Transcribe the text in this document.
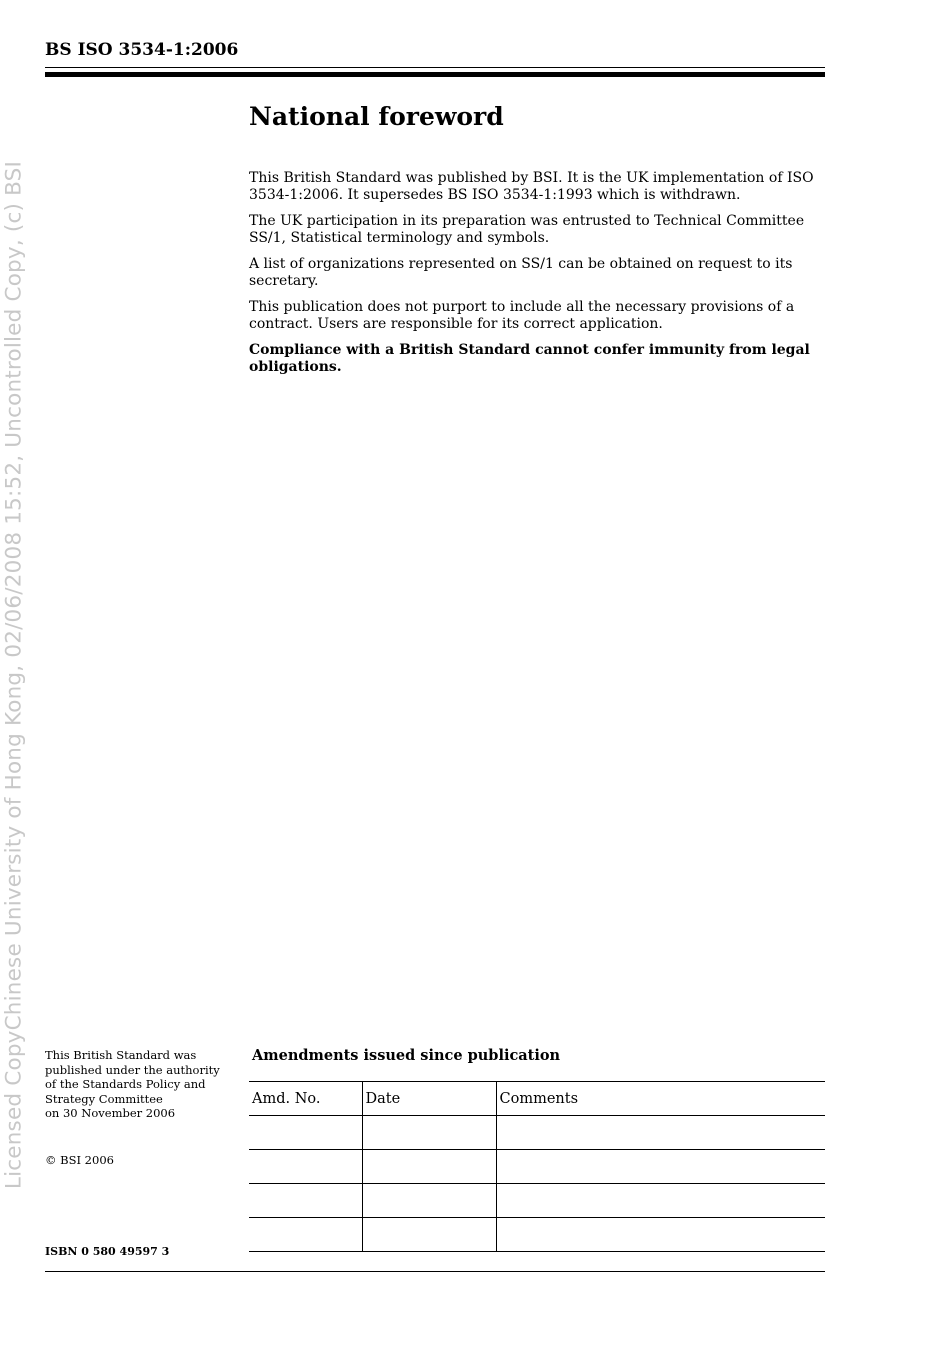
Licensed CopyChinese University of Hong Kong, 02/06/2008 15:52, Uncontrolled Copy, (c) BSI
BS ISO 3534-1:2006
National foreword

This British Standard was published by BSI. It is the UK implementation of ISO 3534-1:2006. It supersedes BS ISO 3534-1:1993 which is withdrawn.

The UK participation in its preparation was entrusted to Technical Committee SS/1, Statistical terminology and symbols.

A list of organizations represented on SS/1 can be obtained on request to its secretary.

This publication does not purport to include all the necessary provisions of a contract. Users are responsible for its correct application.

Compliance with a British Standard cannot confer immunity from legal obligations.

This British Standard was
published under the authority
of the Standards Policy and
Strategy Committee
on 30 November 2006
© BSI 2006
ISBN 0 580 49597 3
Amendments issued since publication
Amd. No.	Date	Comments
